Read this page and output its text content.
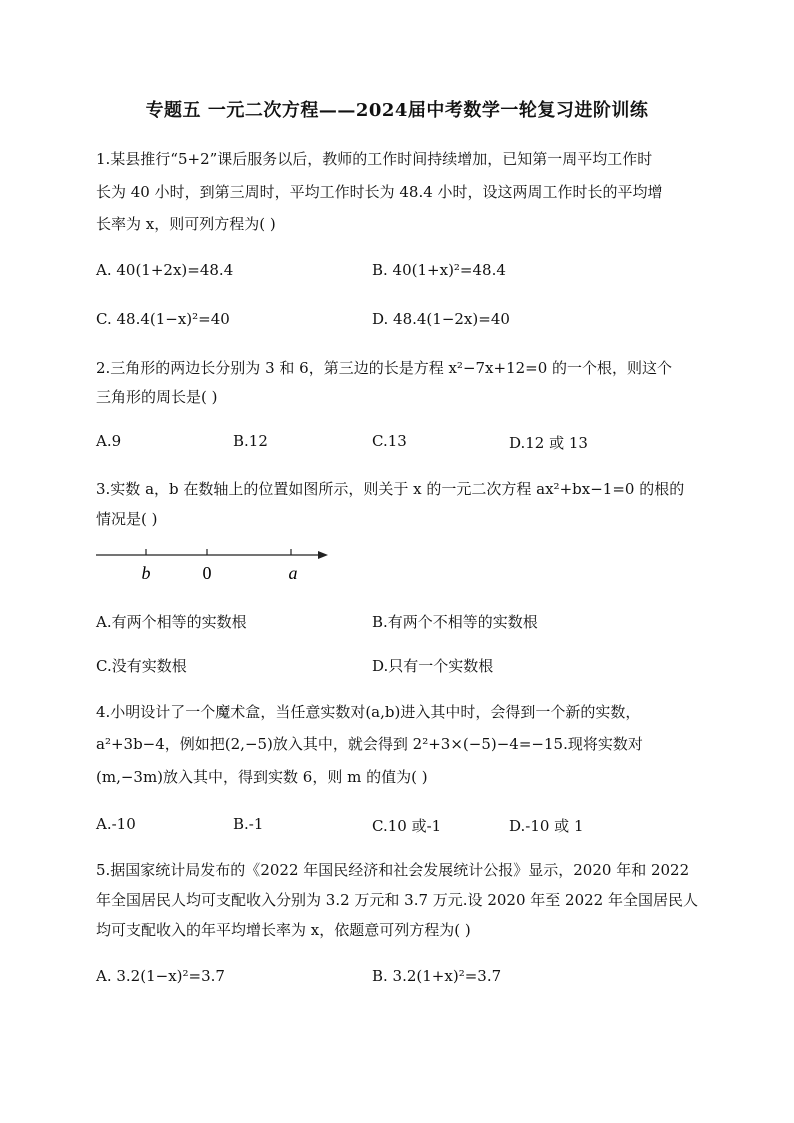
专题五 一元二次方程——2024届中考数学一轮复习进阶训练
1.某县推行“5+2”课后服务以后，教师的工作时间持续增加，已知第一周平均工作时
长为 40 小时，到第三周时，平均工作时长为 48.4 小时，设这两周工作时长的平均增
长率为 x，则可列方程为( )
A. 40(1+2x)=48.4	B. 40(1+x)²=48.4
C. 48.4(1−x)²=40	D. 48.4(1−2x)=40
2.三角形的两边长分别为 3 和 6，第三边的长是方程 x²−7x+12=0 的一个根，则这个
三角形的周长是( )
A.9	B.12	C.13	D.12 或 13
3.实数 a，b 在数轴上的位置如图所示，则关于 x 的一元二次方程 ax²+bx−1=0 的根的
情况是( )
b	0	a
A.有两个相等的实数根	B.有两个不相等的实数根
C.没有实数根	D.只有一个实数根
4.小明设计了一个魔术盒，当任意实数对(a,b)进入其中时，会得到一个新的实数，
a²+3b−4，例如把(2,−5)放入其中，就会得到 2²+3×(−5)−4=−15.现将实数对
(m,−3m)放入其中，得到实数 6，则 m 的值为( )
A.-10	B.-1	C.10 或-1	D.-10 或 1
5.据国家统计局发布的《2022 年国民经济和社会发展统计公报》显示，2020 年和 2022
年全国居民人均可支配收入分别为 3.2 万元和 3.7 万元.设 2020 年至 2022 年全国居民人
均可支配收入的年平均增长率为 x，依题意可列方程为( )
A. 3.2(1−x)²=3.7	B. 3.2(1+x)²=3.7
